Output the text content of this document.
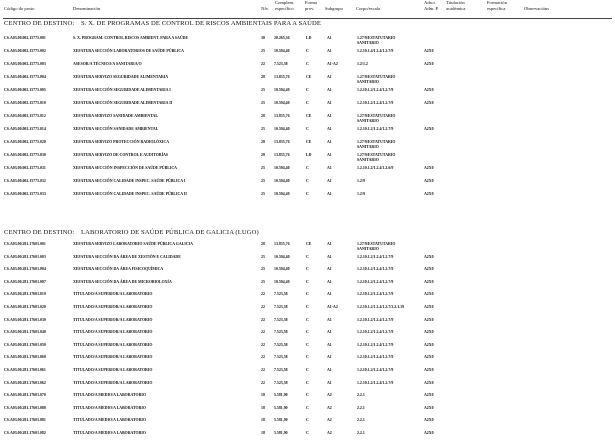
Código do posto	Denominación	Nfv.
Complem.
específico
Forma
prov. Subgrupo	Corpo/escala
Adscr.
Adm. P.
Titulación
académica
Formación
específica	Observacións
CENTRO DE DESTINO: S. X. DE PROGRAMAS DE CONTROL DE RISCOS AMBIENTAIS PARA A SAÚDE
CS.A03.00.002.15775.001	S. X. PROGRAM. CONTROL RISCOS AMBIENT. PARA A SAÚDE	30 20.265,36	LD	A1	1.27/9/ESTATUTARIO SANITARIO
CS.A03.00.002.15775.002	XEFATURA SECCIÓN LABORATORIOS DE SAÚDE PÚBLICA	25 10.594,40	C	A1	1.2.10.1.4/1.2.4/1.2.7/9	A2X0
CS.A03.00.002.15775.003	ASESOR/A TÉCNICO/A SANITARIA/O	22 7.523,58	C	A1-A2	1.2/1.2	A2X0
CS.A03.00.002.15775.004	XEFATURA SERVIZO SEGURIDADE ALIMENTARIA	28 13.835,76	CE	A1	1.27/9/ESTATUTARIO SANITARIO
CS.A03.00.002.15775.005	XEFATURA SECCIÓN SEGURIDADE ALIMENTARIA I	25 10.594,40	C	A1	1.2.10.1.2/1.2.4/1.2.7/9	A2X0
CS.A03.00.002.15775.010	XEFATURA SECCIÓN SEGURIDADE ALIMENTARIA II	25 10.594,40	C	A1	1.2.10.1.2/1.2.4/1.2.7/9	A2X0
CS.A03.00.002.15775.012	XEFATURA SERVIZO SANIDADE AMBIENTAL	28 13.835,76	CE	A1	1.27/9/ESTATUTARIO SANITARIO
CS.A03.00.002.15775.014	XEFATURA SECCIÓN SANIDADE AMBIENTAL	25 10.594,40	C	A1	1.2.10.1.2/1.2.4/1.2.7/9	A2X0
CS.A03.00.002.15775.020	XEFATURA SERVIZO PROTECCIÓN RADIOLÓXICA	28 13.835,76	CE	A1	1.27/9/ESTATUTARIO SANITARIO
CS.A03.00.002.15775.030	XEFATURA SERVIZO DE CONTROL E AUDITORÍAS	28 13.835,76	LD	A1	1.27/9/ESTATUTARIO SANITARIO
CS.A03.00.002.15775.031	XEFATURA SECCIÓN INSPECCIÓN DE SAÚDE PÚBLICA	25 10.594,40	C	A1	1.2.10.1.2/1.2.4/1.2.6/9	A2X0
CS.A03.00.002.15775.032	XEFATURA SECCIÓN CALIDADE INSPEC. SAÚDE PÚBLICA I	25 10.594,40	C	A1	1.2/9	A2X0
CS.A03.00.002.15775.033	XEFATURA SECCIÓN CALIDADE INSPEC. SAÚDE PÚBLICA II	25 10.594,40	C	A1	1.2/9	A2X0
CENTRO DE DESTINO: LABORATORIO DE SAÚDE PÚBLICA DE GALICIA (LUGO)
CS.A03.00.281.17601.001	XEFATURA SERVIZO LABORATORIO SAÚDE PÚBLICA GALICIA	28 13.835,76	CE	A1	1.27/9/ESTATUTARIO SANITARIO
CS.A03.00.281.17601.003	XEFATURA SECCIÓN DA ÁREA DE XESTIÓN E CALIDADE	25 10.594,40	C	A1	1.2.10.1.2/1.2.4/1.2.7/9	A2X0
CS.A03.00.281.17601.004	XEFATURA SECCIÓN DA ÁREA FISICOQUÍMICA	25 10.594,40	C	A1	1.2.10.1.2/1.2.4/1.2.7/9	A2X0
CS.A03.00.281.17601.007	XEFATURA SECCIÓN DA ÁREA DE MICROBIOLOXÍA	25 10.594,40	C	A1	1.2.10.1.2/1.2.4/1.2.7/9	A2X0
CS.A03.00.281.17601.010	TITULADO/A SUPERIOR/A LABORATORIO	22 7.523,58	C	A1	1.2.10.1.2/1.2.4/1.2.7/9	A2X0
CS.A03.00.281.17601.020	TITULADO/A SUPERIOR/A LABORATORIO	22 7.523,58	C	A1-A2	1.2.10.1.2/1.2.4/1.2.7/2.2.1.19	A2X0
CS.A03.00.281.17601.030	TITULADO/A SUPERIOR/A LABORATORIO	22 7.523,58	C	A1	1.2.10.1.2/1.2.4/1.2.7/9	A2X0
CS.A03.00.281.17601.040	TITULADO/A SUPERIOR/A LABORATORIO	22 7.523,58	C	A1	1.2.10.1.2/1.2.4/1.2.7/9	A2X0
CS.A03.00.281.17601.050	TITULADO/A SUPERIOR/A LABORATORIO	22 7.523,58	C	A1	1.2.10.1.2/1.2.4/1.2.7/9	A2X0
CS.A03.00.281.17601.060	TITULADO/A SUPERIOR/A LABORATORIO	22 7.523,58	C	A1	1.2.10.1.2/1.2.4/1.2.7/9	A2X0
CS.A03.00.281.17601.061	TITULADO/A SUPERIOR/A LABORATORIO	22 7.523,58	C	A1	1.2.10.1.2/1.2.4/1.2.7/9	A2X0
CS.A03.00.281.17601.062	TITULADO/A SUPERIOR/A LABORATORIO	22 7.523,58	C	A1	1.2.10.1.2/1.2.4/1.2.7/9	A2X0
CS.A03.00.281.17601.070	TITULADO/A MEDIO/A LABORATORIO	18 5.581,90	C	A2	2.2.1	A2X0
CS.A03.00.281.17601.080	TITULADO/A MEDIO/A LABORATORIO	18 5.581,90	C	A2	2.2.1	A2X0
CS.A03.00.281.17601.081	TITULADO/A MEDIO/A LABORATORIO	18 5.581,90	C	A2	2.2.1	A2X0
CS.A03.00.281.17601.082	TITULADO/A MEDIO/A LABORATORIO	18 5.581,90	C	A2	2.2.1	A2X0
